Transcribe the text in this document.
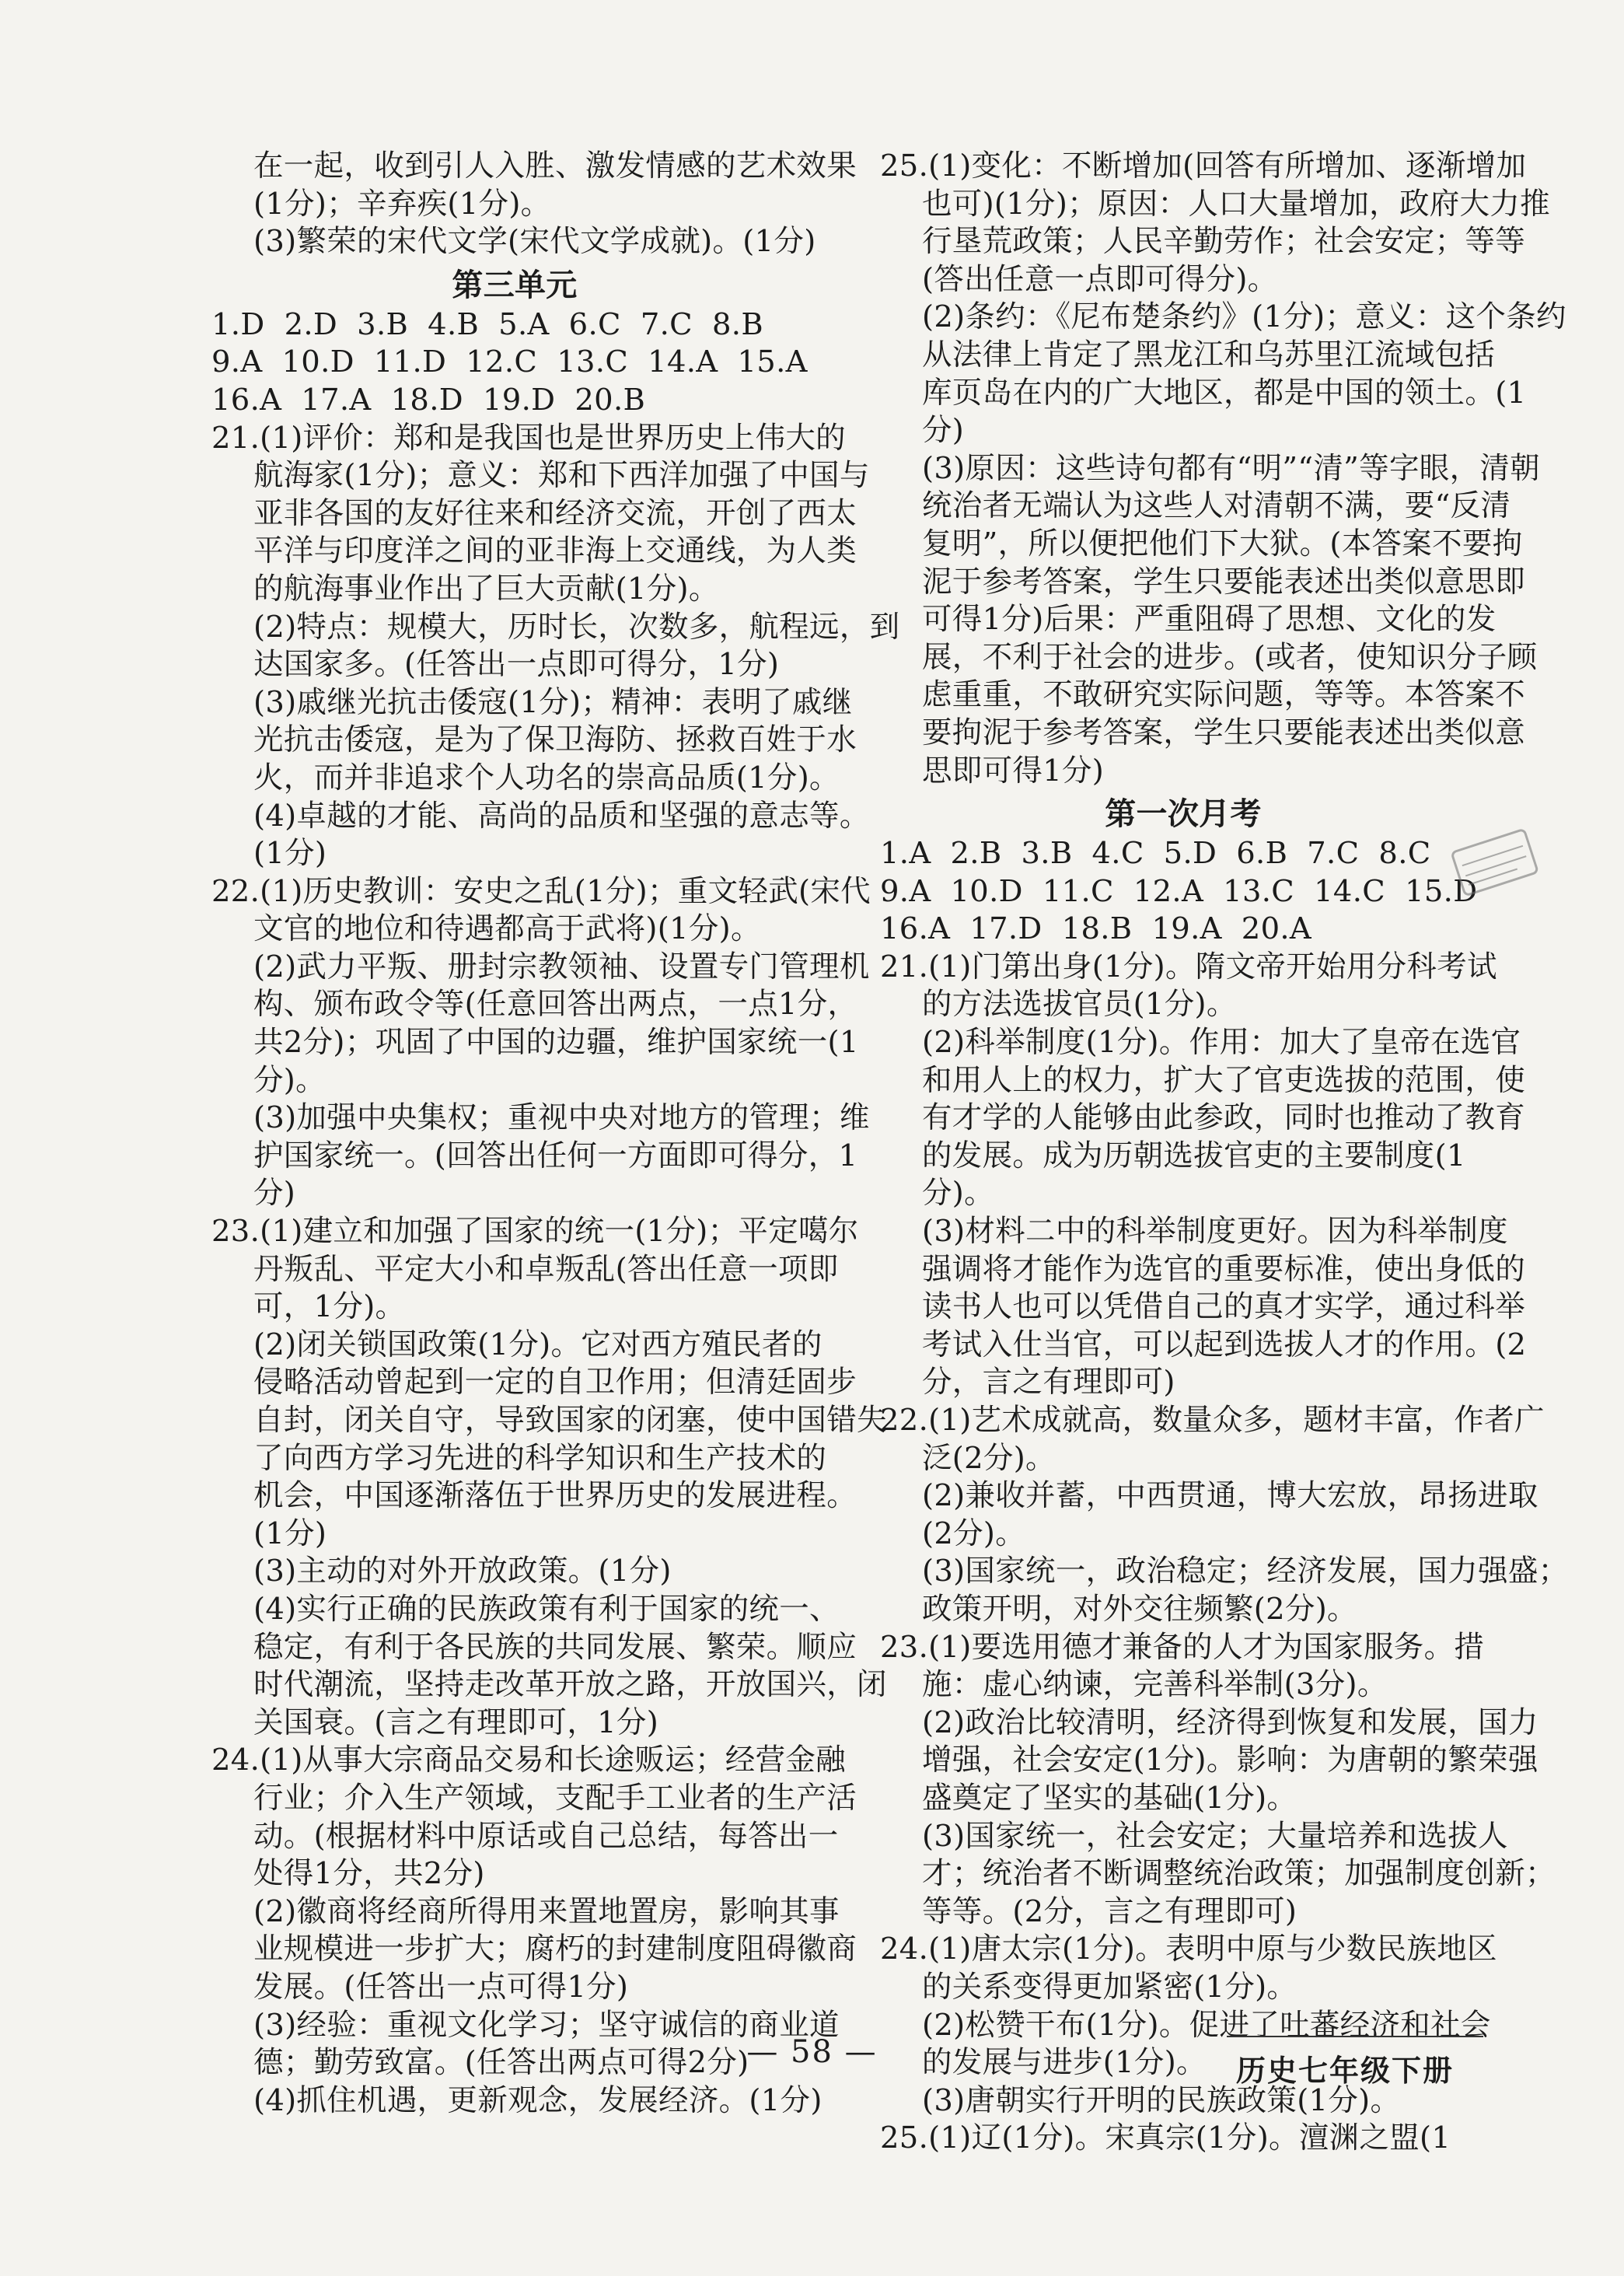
在一起，收到引人入胜、激发情感的艺术效果
(1分)；辛弃疾(1分)。
(3)繁荣的宋代文学(宋代文学成就)。(1分)
第三单元
1.D  2.D  3.B  4.B  5.A  6.C  7.C  8.B
9.A  10.D  11.D  12.C  13.C  14.A  15.A
16.A  17.A  18.D  19.D  20.B
21.(1)评价：郑和是我国也是世界历史上伟大的
航海家(1分)；意义：郑和下西洋加强了中国与
亚非各国的友好往来和经济交流，开创了西太
平洋与印度洋之间的亚非海上交通线，为人类
的航海事业作出了巨大贡献(1分)。
(2)特点：规模大，历时长，次数多，航程远，到
达国家多。(任答出一点即可得分，1分)
(3)戚继光抗击倭寇(1分)；精神：表明了戚继
光抗击倭寇，是为了保卫海防、拯救百姓于水
火，而并非追求个人功名的崇高品质(1分)。
(4)卓越的才能、高尚的品质和坚强的意志等。
(1分)
22.(1)历史教训：安史之乱(1分)；重文轻武(宋代
文官的地位和待遇都高于武将)(1分)。
(2)武力平叛、册封宗教领袖、设置专门管理机
构、颁布政令等(任意回答出两点，一点1分，
共2分)；巩固了中国的边疆，维护国家统一(1
分)。
(3)加强中央集权；重视中央对地方的管理；维
护国家统一。(回答出任何一方面即可得分，1
分)
23.(1)建立和加强了国家的统一(1分)；平定噶尔
丹叛乱、平定大小和卓叛乱(答出任意一项即
可，1分)。
(2)闭关锁国政策(1分)。它对西方殖民者的
侵略活动曾起到一定的自卫作用；但清廷固步
自封，闭关自守，导致国家的闭塞，使中国错失
了向西方学习先进的科学知识和生产技术的
机会，中国逐渐落伍于世界历史的发展进程。
(1分)
(3)主动的对外开放政策。(1分)
(4)实行正确的民族政策有利于国家的统一、
稳定，有利于各民族的共同发展、繁荣。顺应
时代潮流，坚持走改革开放之路，开放国兴，闭
关国衰。(言之有理即可，1分)
24.(1)从事大宗商品交易和长途贩运；经营金融
行业；介入生产领域，支配手工业者的生产活
动。(根据材料中原话或自己总结，每答出一
处得1分，共2分)
(2)徽商将经商所得用来置地置房，影响其事
业规模进一步扩大；腐朽的封建制度阻碍徽商
发展。(任答出一点可得1分)
(3)经验：重视文化学习；坚守诚信的商业道
德；勤劳致富。(任答出两点可得2分)
(4)抓住机遇，更新观念，发展经济。(1分)
25.(1)变化：不断增加(回答有所增加、逐渐增加
也可)(1分)；原因：人口大量增加，政府大力推
行垦荒政策；人民辛勤劳作；社会安定；等等
(答出任意一点即可得分)。
(2)条约：《尼布楚条约》(1分)；意义：这个条约
从法律上肯定了黑龙江和乌苏里江流域包括
库页岛在内的广大地区，都是中国的领土。(1
分)
(3)原因：这些诗句都有“明”“清”等字眼，清朝
统治者无端认为这些人对清朝不满，要“反清
复明”，所以便把他们下大狱。(本答案不要拘
泥于参考答案，学生只要能表述出类似意思即
可得1分)后果：严重阻碍了思想、文化的发
展，不利于社会的进步。(或者，使知识分子顾
虑重重，不敢研究实际问题，等等。本答案不
要拘泥于参考答案，学生只要能表述出类似意
思即可得1分)
第一次月考
1.A  2.B  3.B  4.C  5.D  6.B  7.C  8.C
9.A  10.D  11.C  12.A  13.C  14.C  15.D
16.A  17.D  18.B  19.A  20.A
21.(1)门第出身(1分)。隋文帝开始用分科考试
的方法选拔官员(1分)。
(2)科举制度(1分)。作用：加大了皇帝在选官
和用人上的权力，扩大了官吏选拔的范围，使
有才学的人能够由此参政，同时也推动了教育
的发展。成为历朝选拔官吏的主要制度(1
分)。
(3)材料二中的科举制度更好。因为科举制度
强调将才能作为选官的重要标准，使出身低的
读书人也可以凭借自己的真才实学，通过科举
考试入仕当官，可以起到选拔人才的作用。(2
分，言之有理即可)
22.(1)艺术成就高，数量众多，题材丰富，作者广
泛(2分)。
(2)兼收并蓄，中西贯通，博大宏放，昂扬进取
(2分)。
(3)国家统一，政治稳定；经济发展，国力强盛；
政策开明，对外交往频繁(2分)。
23.(1)要选用德才兼备的人才为国家服务。措
施：虚心纳谏，完善科举制(3分)。
(2)政治比较清明，经济得到恢复和发展，国力
增强，社会安定(1分)。影响：为唐朝的繁荣强
盛奠定了坚实的基础(1分)。
(3)国家统一，社会安定；大量培养和选拔人
才；统治者不断调整统治政策；加强制度创新；
等等。(2分，言之有理即可)
24.(1)唐太宗(1分)。表明中原与少数民族地区
的关系变得更加紧密(1分)。
(2)松赞干布(1分)。促进了吐蕃经济和社会
的发展与进步(1分)。
(3)唐朝实行开明的民族政策(1分)。
25.(1)辽(1分)。宋真宗(1分)。澶渊之盟(1
— 58 —
历史七年级下册
